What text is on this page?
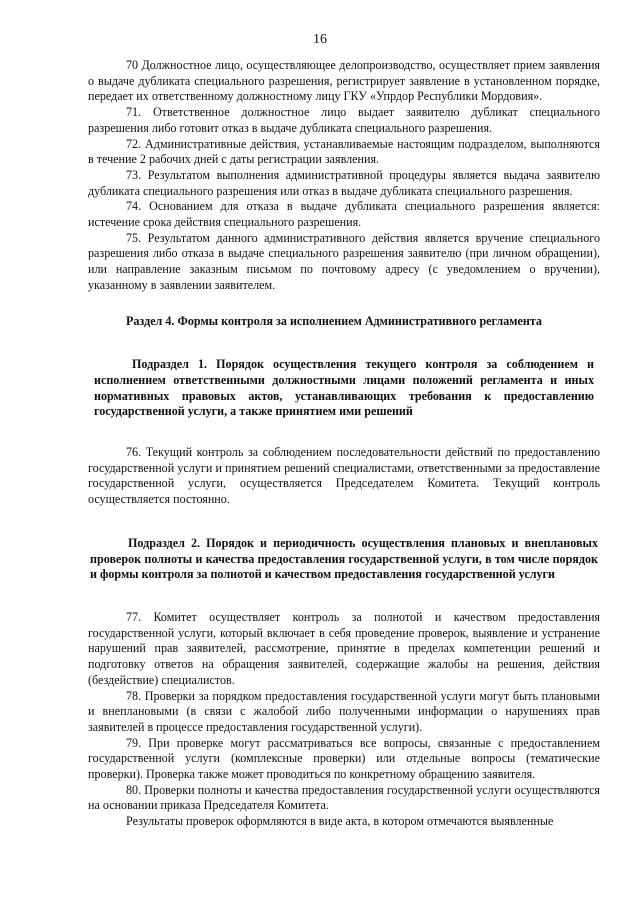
16

70 Должностное лицо, осуществляющее делопроизводство, осуществляет прием заявления о выдаче дубликата специального разрешения, регистрирует заявление в установленном порядке, передает их ответственному должностному лицу ГКУ «Упрдор Республики Мордовия».

71. Ответственное должностное лицо выдает заявителю дубликат специального разрешения либо готовит отказ в выдаче дубликата специального разрешения.

72. Административные действия, устанавливаемые настоящим подразделом, выполняются в течение 2 рабочих дней с даты регистрации заявления.

73. Результатом выполнения административной процедуры является выдача заявителю дубликата специального разрешения или отказ в выдаче дубликата специального разрешения.

74. Основанием для отказа в выдаче дубликата специального разрешения является: истечение срока действия специального разрешения.

75. Результатом данного административного действия является вручение специального разрешения либо отказа в выдаче специального разрешения заявителю (при личном обращении), или направление заказным письмом по почтовому адресу (с уведомлением о вручении), указанному в заявлении заявителем.

Раздел 4. Формы контроля за исполнением Административного регламента

Подраздел 1. Порядок осуществления текущего контроля за соблюдением и исполнением ответственными должностными лицами положений регламента и иных нормативных правовых актов, устанавливающих требования к предоставлению государственной услуги, а также принятием ими решений

76. Текущий контроль за соблюдением последовательности действий по предоставлению государственной услуги и принятием решений специалистами, ответственными за предоставление государственной услуги, осуществляется Председателем Комитета. Текущий контроль осуществляется постоянно.

Подраздел 2. Порядок и периодичность осуществления плановых и внеплановых проверок полноты и качества предоставления государственной услуги, в том числе порядок и формы контроля за полнотой и качеством предоставления государственной услуги

77. Комитет осуществляет контроль за полнотой и качеством предоставления государственной услуги, который включает в себя проведение проверок, выявление и устранение нарушений прав заявителей, рассмотрение, принятие в пределах компетенции решений и подготовку ответов на обращения заявителей, содержащие жалобы на решения, действия (бездействие) специалистов.

78. Проверки за порядком предоставления государственной услуги могут быть плановыми и внеплановыми (в связи с жалобой либо полученными информации о нарушениях прав заявителей в процессе предоставления государственной услуги).

79. При проверке могут рассматриваться все вопросы, связанные с предоставлением государственной услуги (комплексные проверки) или отдельные вопросы (тематические проверки). Проверка также может проводиться по конкретному обращению заявителя.

80. Проверки полноты и качества предоставления государственной услуги осуществляются на основании приказа Председателя Комитета.

Результаты проверок оформляются в виде акта, в котором отмечаются выявленные
